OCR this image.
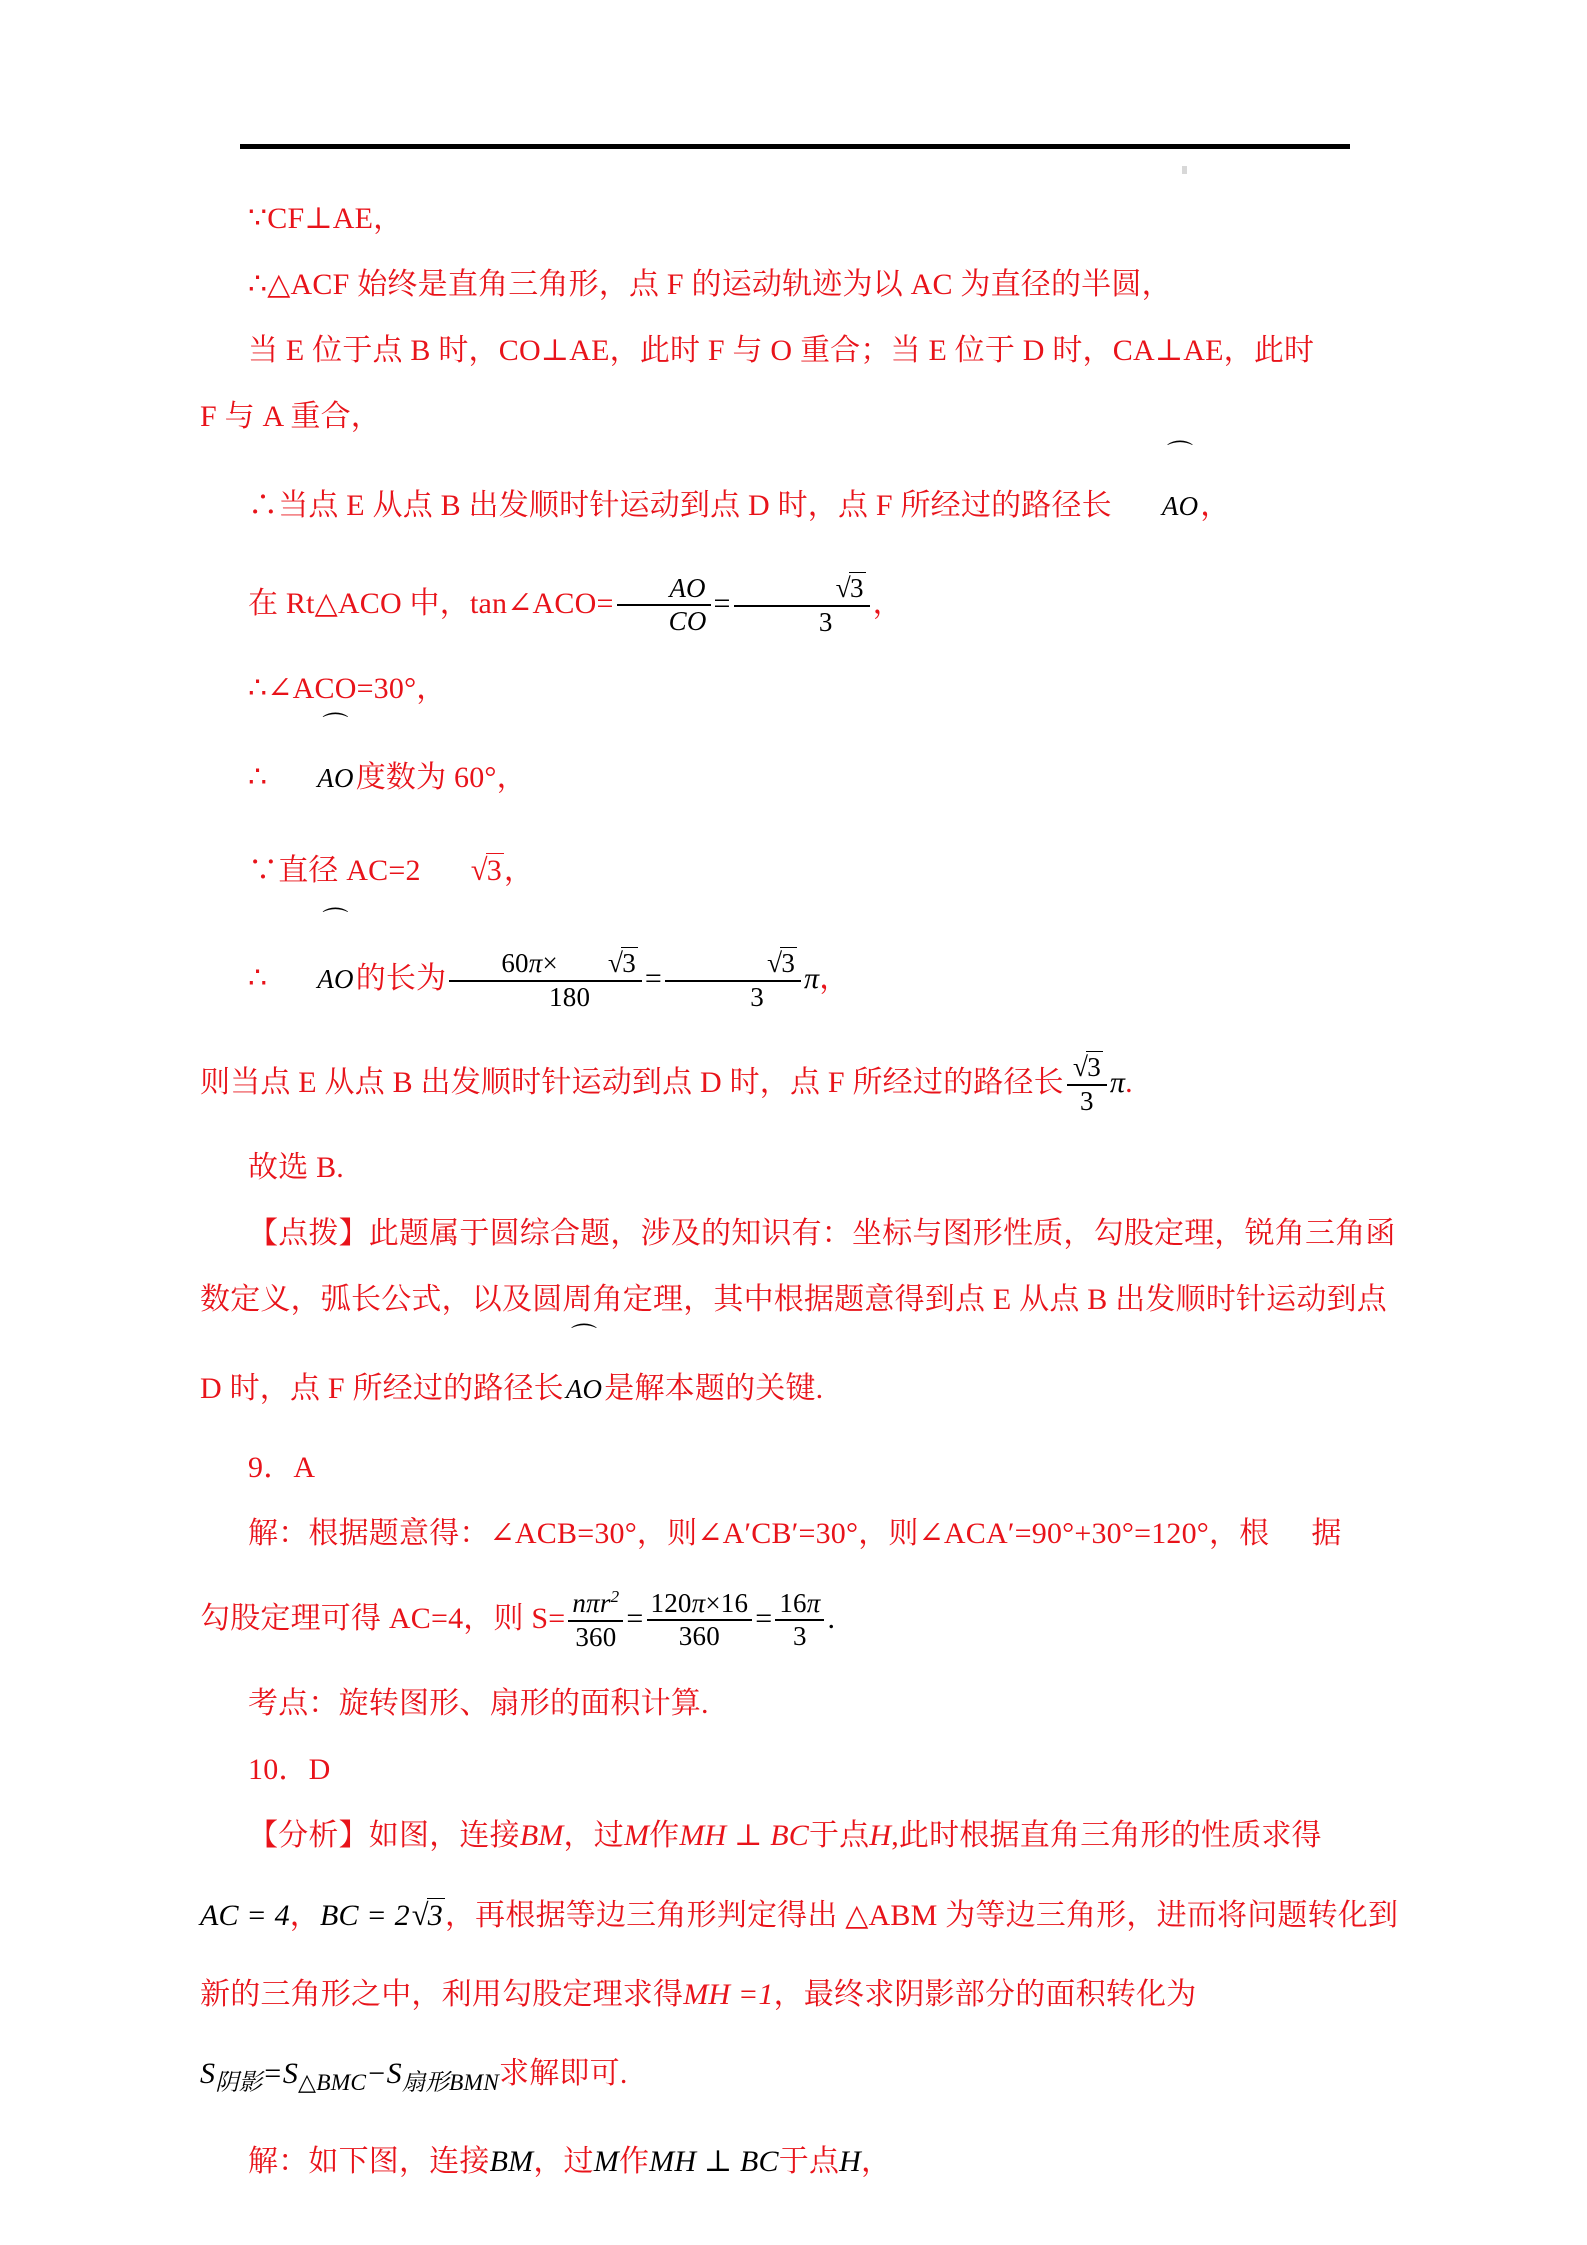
∵CF⊥AE，
∴△ACF 始终是直角三角形，点 F 的运动轨迹为以 AC 为直径的半圆，
当 E 位于点 B 时，CO⊥AE，此时 F 与 O 重合；当 E 位于 D 时，CA⊥AE，此时
F 与 A 重合，
∴当点 E 从点 B 出发顺时针运动到点 D 时，点 F 所经过的路径长
⌒
AO，
在 Rt△ACO 中，tan∠ACO= $\frac{AO}{CO} = \frac{√3}{3}$ ，
∴∠ACO=30°，
∴
⌒
AO度数为 60°，
∵直径 AC=2 √3，
∴
⌒
AO的长为 $\frac{60\pi\times √3}{180} = \frac{√3}{3}$ π，
则当点 E 从点 B 出发顺时针运动到点 D 时，点 F 所经过的路径长 $\frac{√3}{3} \pi$.
故选 B.
【点拨】此题属于圆综合题，涉及的知识有：坐标与图形性质，勾股定理，锐角三角函
数定义，弧长公式，以及圆周角定理，其中根据题意得到点 E 从点 B 出发顺时针运动到点
D 时，点 F 所经过的路径长
⌒
AO是解本题的关键.
9．A
解：根据题意得：∠ACB=30°，则∠A′CB′=30°，则∠ACA′=90°+30°=120°，根 据
勾股定理可得 AC=4，则 $S= \frac{n\pi r^2}{360} = \frac{120\pi\times 16}{360} = \frac{16\pi}{3}$ .
考点：旋转图形、扇形的面积计算.
10．D
【分析】如图，连接BM，过M作MH ⊥ BC于点H,此时根据直角三角形的性质求得
AC = 4，BC = 2√3，再根据等边三角形判定得出 △ABM 为等边三角形，进而将问题转化到
新的三角形之中，利用勾股定理求得MH =1，最终求阴影部分的面积转化为
$S_{阴影}=S_{\triangle BMC}-S_{扇形BMN}$求解即可.
解：如下图，连接BM，过M作MH ⊥ BC于点H，
